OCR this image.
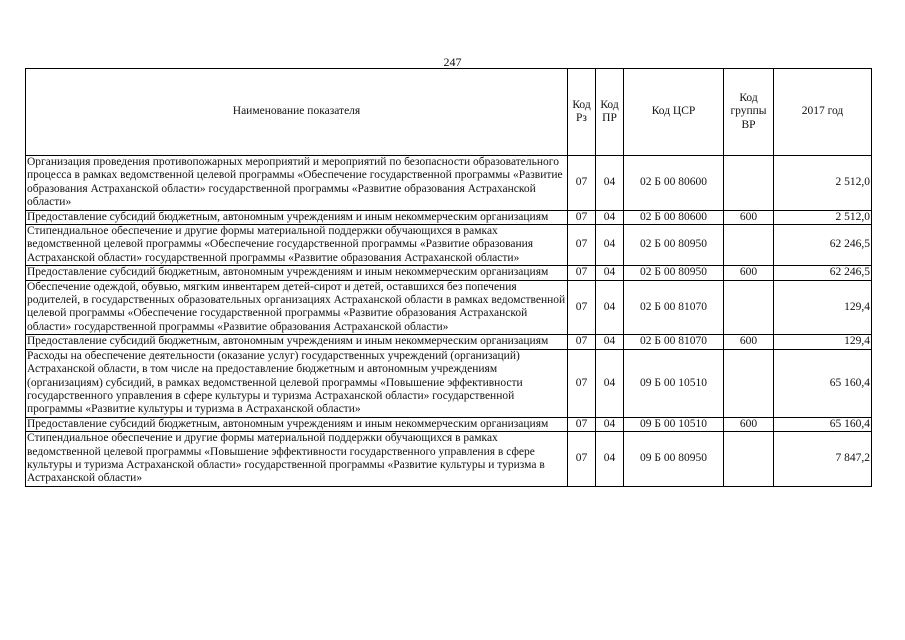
247
Наименование показателя	Код Рз	Код ПР	Код ЦСР	Код группы ВР	2017 год
Организация проведения противопожарных мероприятий и мероприятий по безопасности образовательного процесса в рамках ведомственной целевой программы «Обеспечение государственной программы «Развитие образования Астраханской области» государственной программы «Развитие образования Астраханской области»	07	04	02 Б 00 80600		2 512,0
Предоставление субсидий бюджетным, автономным учреждениям и иным некоммерческим организациям	07	04	02 Б 00 80600	600	2 512,0
Стипендиальное обеспечение и другие формы материальной поддержки обучающихся в рамках ведомственной целевой программы «Обеспечение государственной программы «Развитие образования Астраханской области» государственной программы «Развитие образования Астраханской области»	07	04	02 Б 00 80950		62 246,5
Предоставление субсидий бюджетным, автономным учреждениям и иным некоммерческим организациям	07	04	02 Б 00 80950	600	62 246,5
Обеспечение одеждой, обувью, мягким инвентарем детей-сирот и детей, оставшихся без попечения родителей, в государственных образовательных организациях Астраханской области в рамках ведомственной целевой программы «Обеспечение государственной программы «Развитие образования Астраханской области» государственной программы «Развитие образования Астраханской области»	07	04	02 Б 00 81070		129,4
Предоставление субсидий бюджетным, автономным учреждениям и иным некоммерческим организациям	07	04	02 Б 00 81070	600	129,4
Расходы на обеспечение деятельности (оказание услуг) государственных учреждений (организаций) Астраханской области, в том числе на предоставление бюджетным и автономным учреждениям (организациям) субсидий, в рамках ведомственной целевой программы «Повышение эффективности государственного управления в сфере культуры и туризма Астраханской области» государственной программы «Развитие культуры и туризма в Астраханской области»	07	04	09 Б 00 10510		65 160,4
Предоставление субсидий бюджетным, автономным учреждениям и иным некоммерческим организациям	07	04	09 Б 00 10510	600	65 160,4
Стипендиальное обеспечение и другие формы материальной поддержки обучающихся в рамках ведомственной целевой программы «Повышение эффективности государственного управления в сфере культуры и туризма Астраханской области» государственной программы «Развитие культуры и туризма в Астраханской области»	07	04	09 Б 00 80950		7 847,2
